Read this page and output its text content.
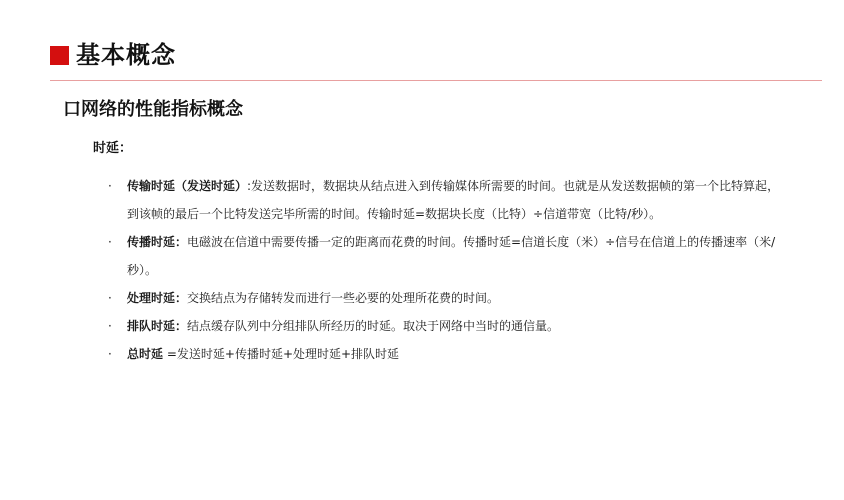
基本概念
口网络的性能指标概念
时延：
· 传输时延（发送时延）:发送数据时，数据块从结点进入到传输媒体所需要的时间。也就是从发送数据帧的第一个比特算起，到该帧的最后一个比特发送完毕所需的时间。传输时延=数据块长度（比特）÷信道带宽（比特/秒）。
· 传播时延：电磁波在信道中需要传播一定的距离而花费的时间。传播时延=信道长度（米）÷信号在信道上的传播速率（米/秒）。
· 处理时延：交换结点为存储转发而进行一些必要的处理所花费的时间。
· 排队时延：结点缓存队列中分组排队所经历的时延。取决于网络中当时的通信量。
· 总时延 =发送时延+传播时延+处理时延+排队时延
